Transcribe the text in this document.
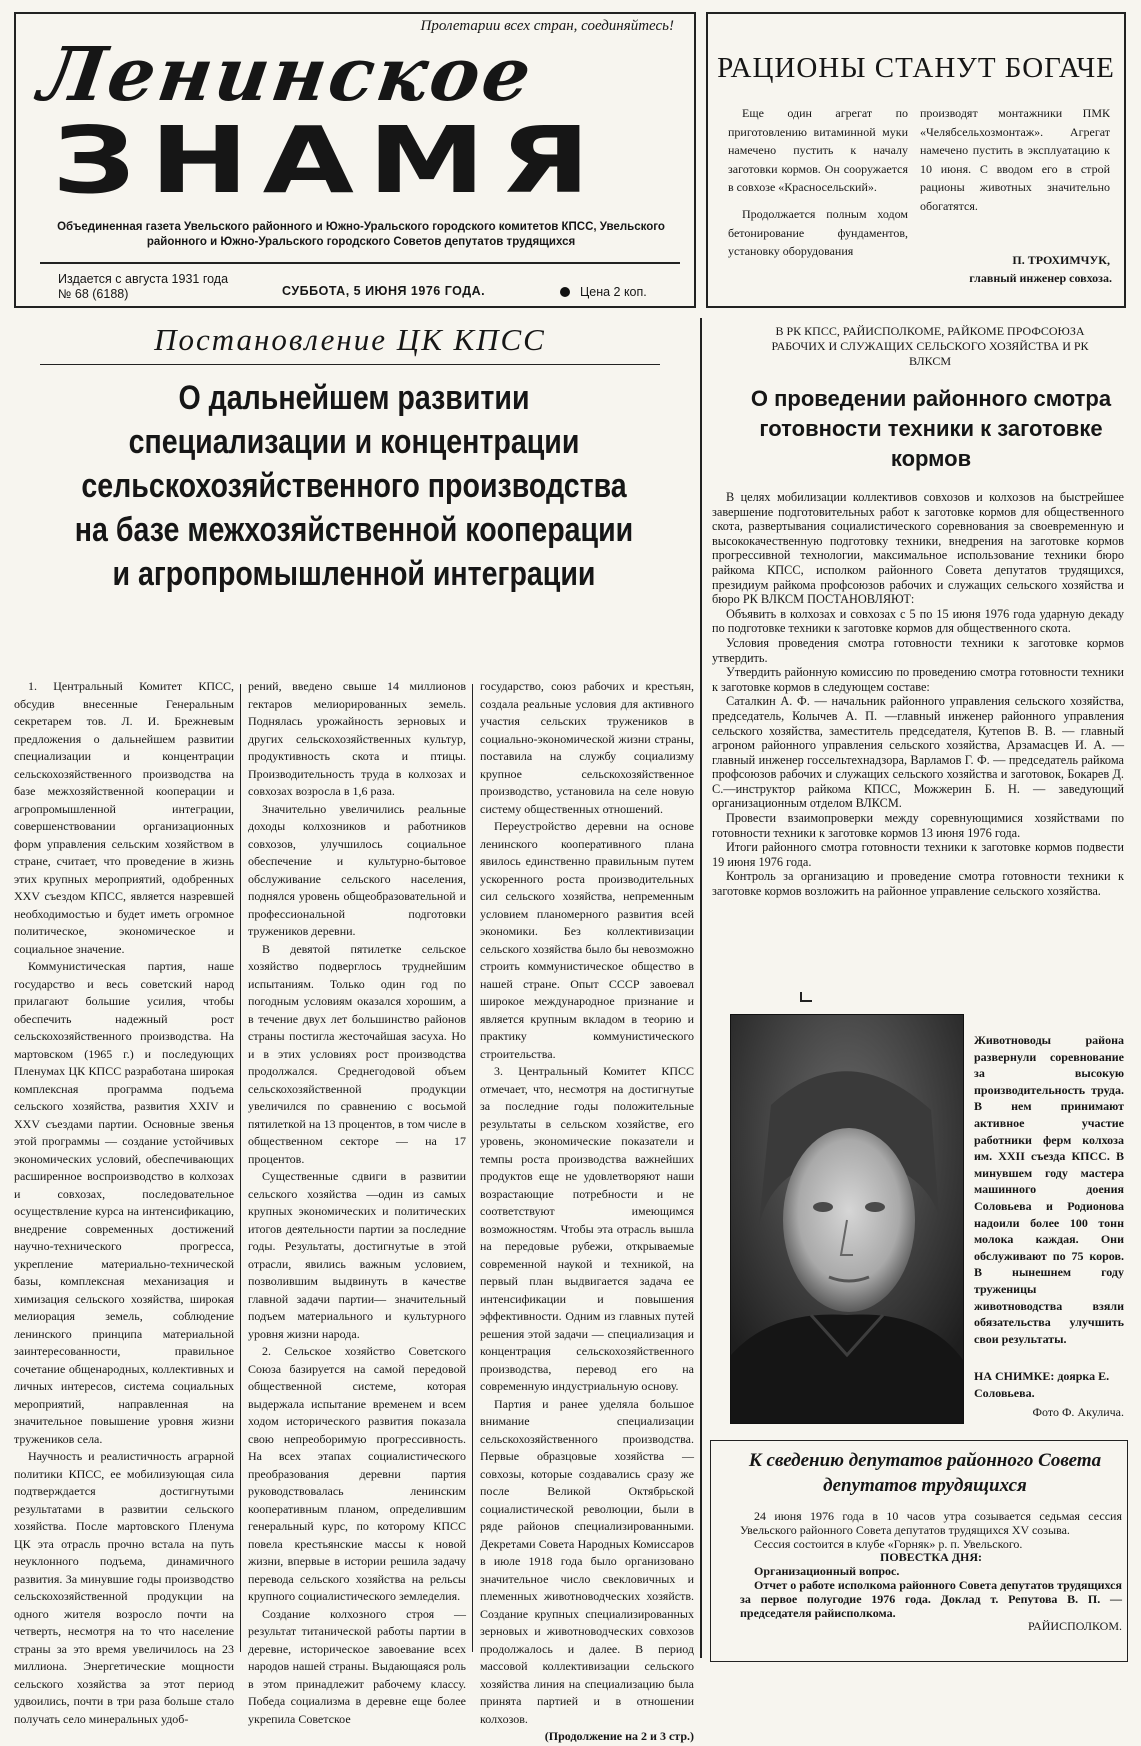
Пролетарии всех стран, соединяйтесь!
Ленинское
ЗНАМЯ
Объединенная газета Увельского районного и Южно-Уральского городского комитетов КПСС, Увельского районного и Южно-Уральского городского Советов депутатов трудящихся
Издается с августа 1931 года
№ 68 (6188)	СУББОТА, 5 ИЮНЯ 1976 ГОДА.	Цена 2 коп.
РАЦИОНЫ СТАНУТ БОГАЧЕ

Еще один агрегат по приготовлению витаминной муки намечено пустить к началу заготовки кормов. Он сооружается в совхозе «Красносельский».

Продолжается полным ходом бетонирование фундаментов, установку оборудования

производят монтажники ПМК «Челябсельхозмонтаж». Агрегат намечено пустить в эксплуатацию к 10 июня. С вводом его в строй рационы животных значительно обогатятся.

П. ТРОХИМЧУК,
главный инженер совхоза.
Постановление ЦК КПСС
О дальнейшем развитии специализации и концентрации сельскохозяйственного производства на базе межхозяйственной кооперации и агропромышленной интеграции

1. Центральный Комитет КПСС, обсудив внесенные Генеральным секретарем тов. Л. И. Брежневым предложения о дальнейшем развитии специализации и концентрации сельскохозяйственного производства на базе межхозяйственной кооперации и агропромышленной интеграции, совершенствовании организационных форм управления сельским хозяйством в стране, считает, что проведение в жизнь этих крупных мероприятий, одобренных XXV съездом КПСС, является назревшей необходимостью и будет иметь огромное политическое, экономическое и социальное значение.

Коммунистическая партия, наше государство и весь советский народ прилагают большие усилия, чтобы обеспечить надежный рост сельскохозяйственного производства. На мартовском (1965 г.) и последующих Пленумах ЦК КПСС разработана широкая комплексная программа подъема сельского хозяйства, развития XXIV и XXV съездами партии. Основные звенья этой программы — создание устойчивых экономических условий, обеспечивающих расширенное воспроизводство в колхозах и совхозах, последовательное осуществление курса на интенсификацию, внедрение современных достижений научно-технического прогресса, укрепление материально-технической базы, комплексная механизация и химизация сельского хозяйства, широкая мелиорация земель, соблюдение ленинского принципа материальной заинтересованности, правильное сочетание общенародных, коллективных и личных интересов, система социальных мероприятий, направленная на значительное повышение уровня жизни тружеников села.

Научность и реалистичность аграрной политики КПСС, ее мобилизующая сила подтверждается достигнутыми результатами в развитии сельского хозяйства. После мартовского Пленума ЦК эта отрасль прочно встала на путь неуклонного подъема, динамичного развития. За минувшие годы производство сельскохозяйственной продукции на одного жителя возросло почти на четверть, несмотря на то что население страны за это время увеличилось на 23 миллиона. Энергетические мощности сельского хозяйства за этот период удвоились, почти в три раза больше стало получать село минеральных удоб-

рений, введено свыше 14 миллионов гектаров мелиорированных земель. Поднялась урожайность зерновых и других сельскохозяйственных культур, продуктивность скота и птицы. Производительность труда в колхозах и совхозах возросла в 1,6 раза.

Значительно увеличились реальные доходы колхозников и работников совхозов, улучшилось социальное обеспечение и культурно-бытовое обслуживание сельского населения, поднялся уровень общеобразовательной и профессиональной подготовки тружеников деревни.

В девятой пятилетке сельское хозяйство подверглось труднейшим испытаниям. Только один год по погодным условиям оказался хорошим, а в течение двух лет большинство районов страны постигла жесточайшая засуха. Но и в этих условиях рост производства продолжался. Среднегодовой объем сельскохозяйственной продукции увеличился по сравнению с восьмой пятилеткой на 13 процентов, в том числе в общественном секторе — на 17 процентов.

Существенные сдвиги в развитии сельского хозяйства —один из самых крупных экономических и политических итогов деятельности партии за последние годы. Результаты, достигнутые в этой отрасли, явились важным условием, позволившим выдвинуть в качестве главной задачи партии— значительный подъем материального и культурного уровня жизни народа.

2. Сельское хозяйство Советского Союза базируется на самой передовой общественной системе, которая выдержала испытание временем и всем ходом исторического развития показала свою непреоборимую прогрессивность. На всех этапах социалистического преобразования деревни партия руководствовалась ленинским кооперативным планом, определившим генеральный курс, по которому КПСС повела крестьянские массы к новой жизни, впервые в истории решила задачу перевода сельского хозяйства на рельсы крупного социалистического земледелия.

Создание колхозного строя — результат титанической работы партии в деревне, историческое завоевание всех народов нашей страны. Выдающаяся роль в этом принадлежит рабочему классу. Победа социализма в деревне еще более укрепила Советское

государство, союз рабочих и крестьян, создала реальные условия для активного участия сельских тружеников в социально-экономической жизни страны, поставила на службу социализму крупное сельскохозяйственное производство, установила на селе новую систему общественных отношений.

Переустройство деревни на основе ленинского кооперативного плана явилось единственно правильным путем ускоренного роста производительных сил сельского хозяйства, непременным условием планомерного развития всей экономики. Без коллективизации сельского хозяйства было бы невозможно строить коммунистическое общество в нашей стране. Опыт СССР завоевал широкое международное признание и является крупным вкладом в теорию и практику коммунистического строительства.

3. Центральный Комитет КПСС отмечает, что, несмотря на достигнутые за последние годы положительные результаты в сельском хозяйстве, его уровень, экономические показатели и темпы роста производства важнейших продуктов еще не удовлетворяют наши возрастающие потребности и не соответствуют имеющимся возможностям. Чтобы эта отрасль вышла на передовые рубежи, открываемые современной наукой и техникой, на первый план выдвигается задача ее интенсификации и повышения эффективности. Одним из главных путей решения этой задачи — специализация и концентрация сельскохозяйственного производства, перевод его на современную индустриальную основу.

Партия и ранее уделяла большое внимание специализации сельскохозяйственного производства. Первые образцовые хозяйства — совхозы, которые создавались сразу же после Великой Октябрьской социалистической революции, были в ряде районов специализированными. Декретами Совета Народных Комиссаров в июле 1918 года было организовано значительное число свекловичных и племенных животноводческих хозяйств. Создание крупных специализированных зерновых и животноводческих совхозов продолжалось и далее. В период массовой коллективизации сельского хозяйства линия на специализацию была принята партией и в отношении колхозов.

(Продолжение на 2 и 3 стр.)

В РК КПСС, РАЙИСПОЛКОМЕ, РАЙКОМЕ ПРОФСОЮЗА РАБОЧИХ И СЛУЖАЩИХ СЕЛЬСКОГО ХОЗЯЙСТВА И РК ВЛКСМ
О проведении районного смотра готовности техники к заготовке кормов

В целях мобилизации коллективов совхозов и колхозов на быстрейшее завершение подготовительных работ к заготовке кормов для общественного скота, развертывания социалистического соревнования за своевременную и высококачественную подготовку техники, внедрения на заготовке кормов прогрессивной технологии, максимальное использование техники бюро райкома КПСС, исполком районного Совета депутатов трудящихся, президиум райкома профсоюзов рабочих и служащих сельского хозяйства и бюро РК ВЛКСМ ПОСТАНОВЛЯЮТ:

Объявить в колхозах и совхозах с 5 по 15 июня 1976 года ударную декаду по подготовке техники к заготовке кормов для общественного скота.

Условия проведения смотра готовности техники к заготовке кормов утвердить.

Утвердить районную комиссию по проведению смотра готовности техники к заготовке кормов в следующем составе:

Саталкин А. Ф. — начальник районного управления сельского хозяйства, председатель, Колычев А. П. —главный инженер районного управления сельского хозяйства, заместитель председателя, Кутепов В. В. — главный агроном районного управления сельского хозяйства, Арзамасцев И. А. — главный инженер госсельтехнадзора, Варламов Г. Ф. — председатель райкома профсоюзов рабочих и служащих сельского хозяйства и заготовок, Бокарев Д. С.—инструктор райкома КПСС, Можжерин Б. Н. — заведующий организационным отделом ВЛКСМ.

Провести взаимопроверки между соревнующимися хозяйствами по готовности техники к заготовке кормов 13 июня 1976 года.

Итоги районного смотра готовности техники к заготовке кормов подвести 19 июня 1976 года.

Контроль за организацию и проведение смотра готовности техники к заготовке кормов возложить на районное управление сельского хозяйства.

Животноводы района развернули соревнование за высокую производительность труда. В нем принимают активное участие работники ферм колхоза им. XXII съезда КПСС. В минувшем году мастера машинного доения Соловьева и Родионова надоили более 100 тонн молока каждая. Они обслуживают по 75 коров. В нынешнем году труженицы животноводства взяли обязательства улучшить свои результаты.
НА СНИМКЕ: доярка Е. Соловьева.
Фото Ф. Акулича.
К сведению депутатов районного Совета депутатов трудящихся

24 июня 1976 года в 10 часов утра созывается седьмая сессия Увельского районного Совета депутатов трудящихся XV созыва.

Сессия состоится в клубе «Горняк» р. п. Увельского.

ПОВЕСТКА ДНЯ:

Организационный вопрос.

Отчет о работе исполкома районного Совета депутатов трудящихся за первое полугодие 1976 года. Доклад т. Репутова В. П. — председателя райисполкома.

РАЙИСПОЛКОМ.
